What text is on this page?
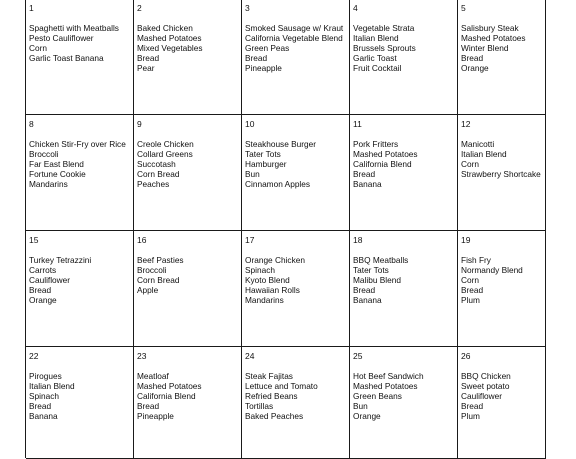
1
Spaghetti with Meatballs
Pesto Cauliflower
Corn
Garlic Toast Banana
2
Baked Chicken
Mashed Potatoes
Mixed Vegetables
Bread
Pear
3
Smoked Sausage w/ Kraut
California Vegetable Blend
Green Peas
Bread
Pineapple
4
Vegetable Strata
Italian Blend
Brussels Sprouts
Garlic Toast
Fruit Cocktail
5
Salisbury Steak
Mashed Potatoes
Winter Blend
Bread
Orange
8
Chicken Stir-Fry over Rice
Broccoli
Far East Blend
Fortune Cookie
Mandarins
9
Creole Chicken
Collard Greens
Succotash
Corn Bread
Peaches
10
Steakhouse Burger
Tater Tots
Hamburger
Bun
Cinnamon Apples
11
Pork Fritters
Mashed Potatoes
California Blend
Bread
Banana
12
Manicotti
Italian Blend
Corn
Strawberry Shortcake
15
Turkey Tetrazzini
Carrots
Cauliflower
Bread
Orange
16
Beef Pasties
Broccoli
Corn Bread
Apple
17
Orange Chicken
Spinach
Kyoto Blend
Hawaiian Rolls
Mandarins
18
BBQ Meatballs
Tater Tots
Malibu Blend
Bread
Banana
19
Fish Fry
Normandy Blend
Corn
Bread
Plum
22
Pirogues
Italian Blend
Spinach
Bread
Banana
23
Meatloaf
Mashed Potatoes
California Blend
Bread
Pineapple
24
Steak Fajitas
Lettuce and Tomato
Refried Beans
Tortillas
Baked Peaches
25
Hot Beef Sandwich
Mashed Potatoes
Green Beans
Bun
Orange
26
BBQ Chicken
Sweet potato
Cauliflower
Bread
Plum
